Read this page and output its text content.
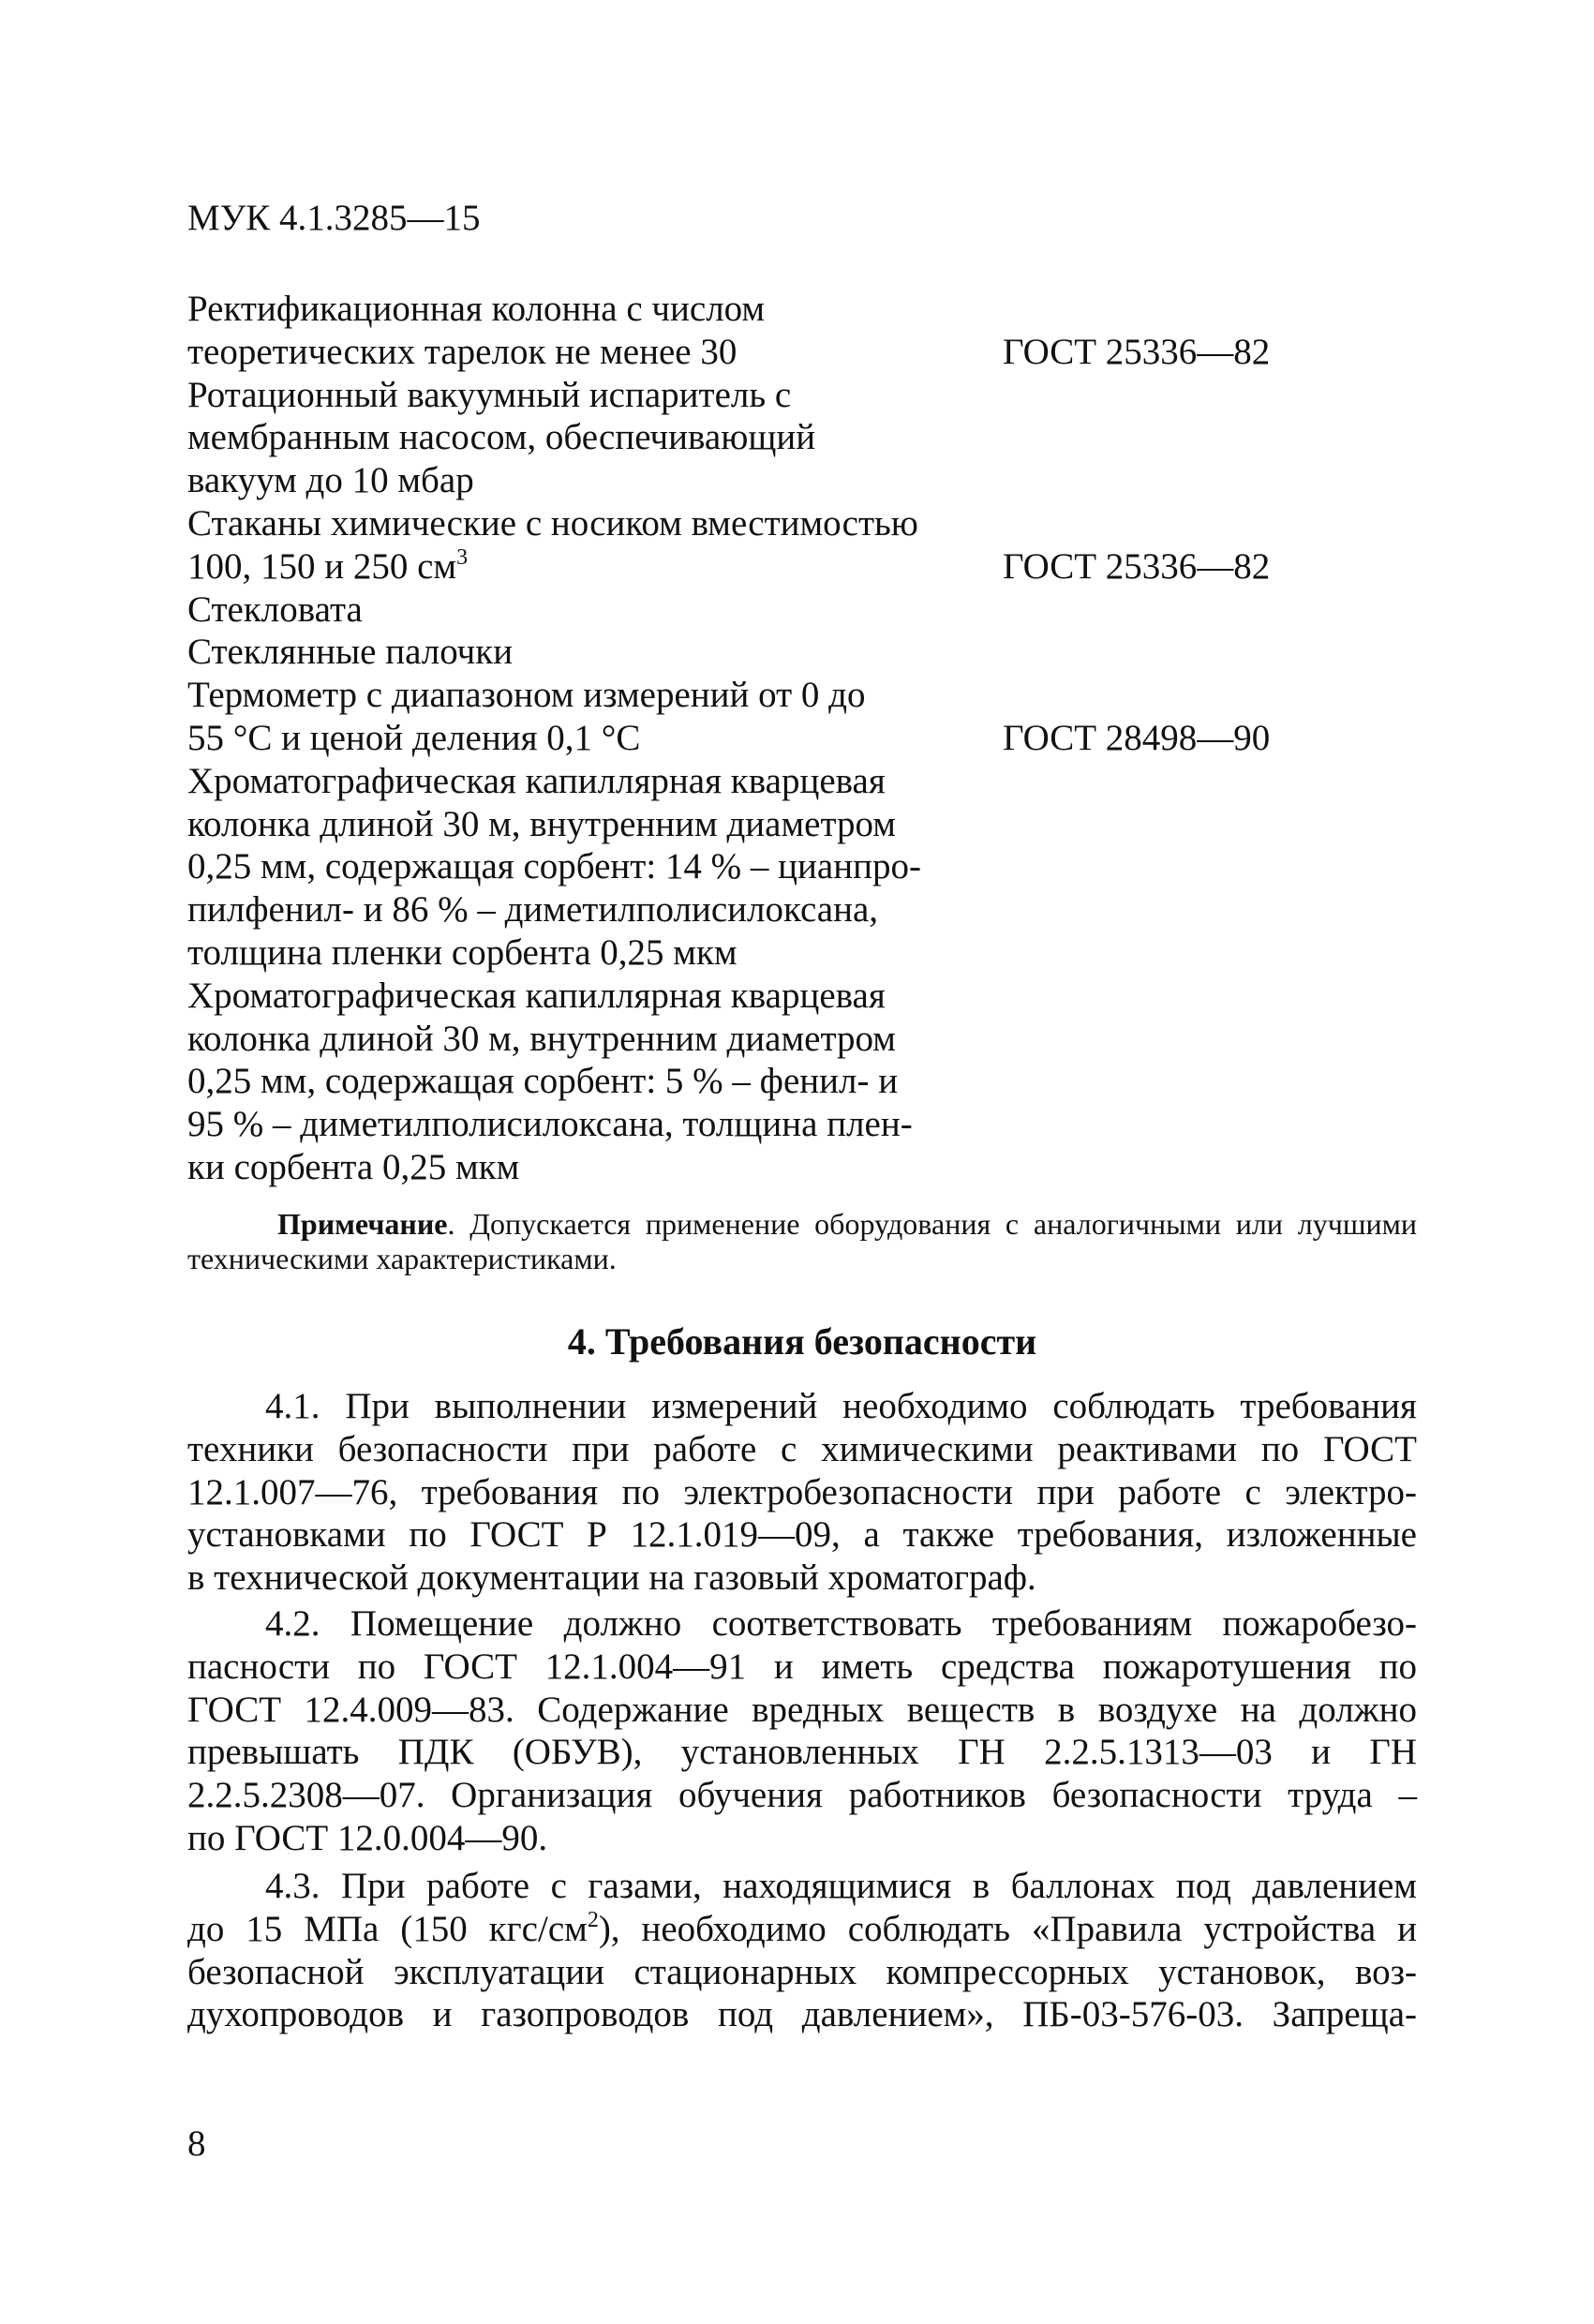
МУК 4.1.3285—15
Ректификационная колонна с числом
теоретических тарелок не менее 30	ГОСТ 25336—82
Ротационный вакуумный испаритель с
мембранным насосом, обеспечивающий
вакуум до 10 мбар
Стаканы химические с носиком вместимостью
100, 150 и 250 $см^3$	ГОСТ 25336—82
Стекловата
Стеклянные палочки
Термометр с диапазоном измерений от 0 до
55 °С и ценой деления 0,1 °С	ГОСТ 28498—90
Хроматографическая капиллярная кварцевая
колонка длиной 30 м, внутренним диаметром
0,25 мм, содержащая сорбент: 14 % – цианпро-
пилфенил- и 86 % – диметилполисилоксана,
толщина пленки сорбента 0,25 мкм
Хроматографическая капиллярная кварцевая
колонка длиной 30 м, внутренним диаметром
0,25 мм, содержащая сорбент: 5 % – фенил- и
95 % – диметилполисилоксана, толщина плен-
ки сорбента 0,25 мкм
Примечание. Допускается применение оборудования с аналогичными или лучшими техническими характеристиками.
4. Требования безопасности
4.1. При выполнении измерений необходимо соблюдать требования
техники безопасности при работе с химическими реактивами по ГОСТ
12.1.007—76, требования по электробезопасности при работе с электро-
установками по ГОСТ Р 12.1.019—09, а также требования, изложенные
в технической документации на газовый хроматограф.
4.2. Помещение должно соответствовать требованиям пожаробезо-
пасности по ГОСТ 12.1.004—91 и иметь средства пожаротушения по
ГОСТ 12.4.009—83. Содержание вредных веществ в воздухе на должно
превышать ПДК (ОБУВ), установленных ГН 2.2.5.1313—03 и ГН
2.2.5.2308—07. Организация обучения работников безопасности труда –
по ГОСТ 12.0.004—90.
4.3. При работе с газами, находящимися в баллонах под давлением
до 15 МПа (150 кгс/$см^2$), необходимо соблюдать «Правила устройства и
безопасной эксплуатации стационарных компрессорных установок, воз-
духопроводов и газопроводов под давлением», ПБ-03-576-03. Запреща-
8
